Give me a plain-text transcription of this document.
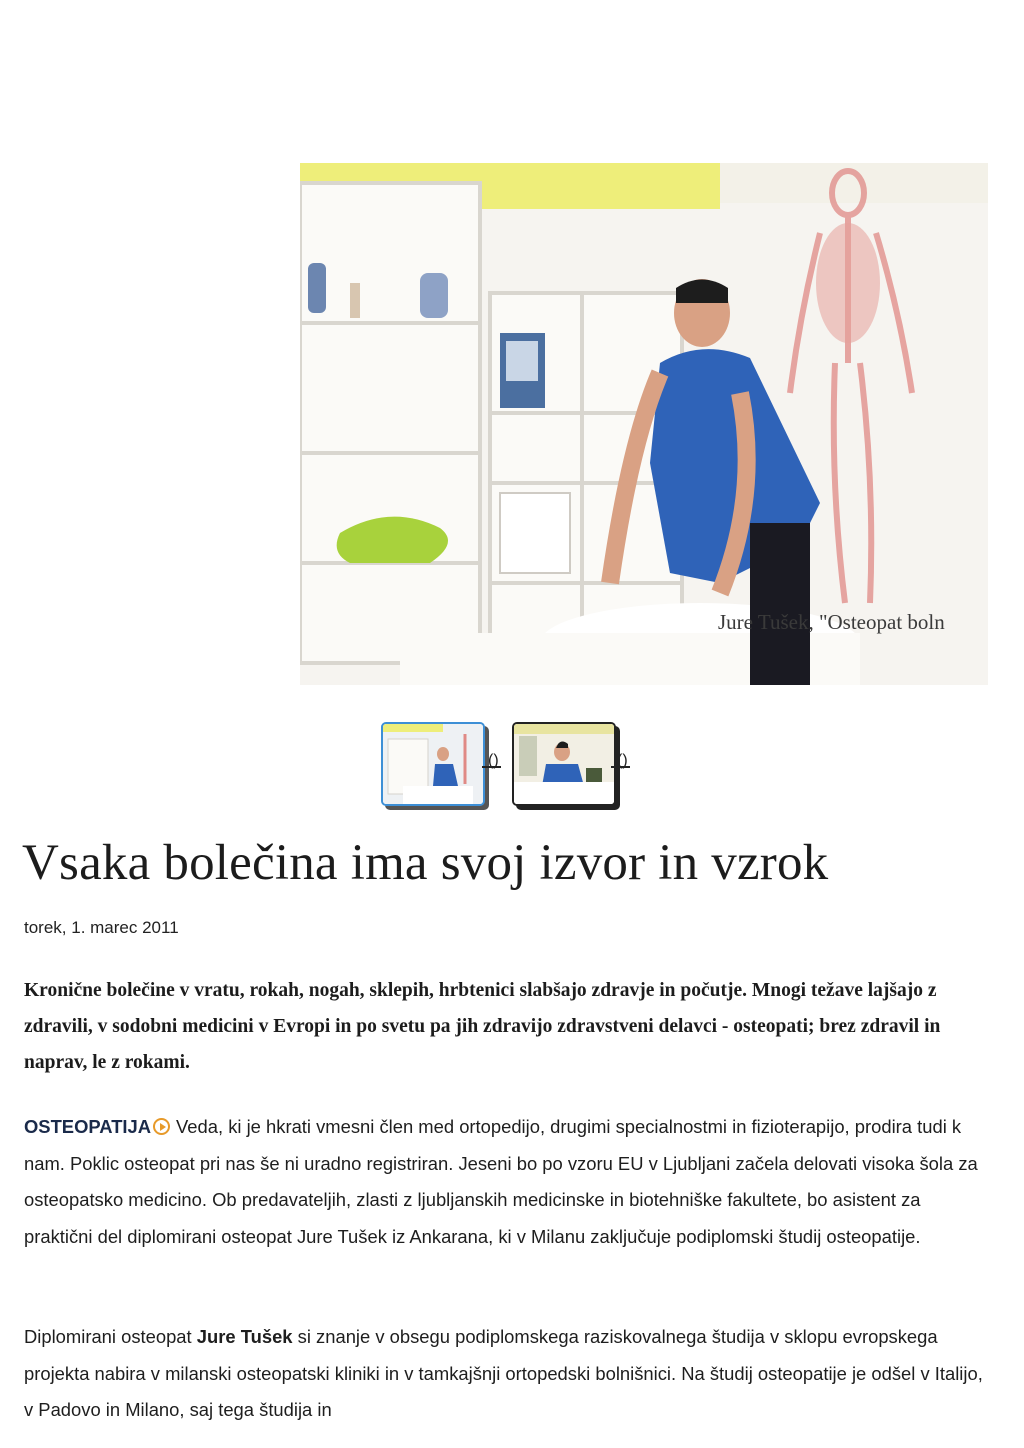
Jure Tušek, "Osteopat boln
()	()
Vsaka bolečina ima svoj izvor in vzrok
torek, 1. marec 2011

Kronične bolečine v vratu, rokah, nogah, sklepih, hrbtenici slabšajo zdravje in počutje. Mnogi težave lajšajo z zdravili, v sodobni medicini v Evropi in po svetu pa jih zdravijo zdravstveni delavci - osteopati; brez zdravil in naprav, le z rokami.

OSTEOPATIJA Veda, ki je hkrati vmesni člen med ortopedijo, drugimi specialnostmi in fizioterapijo, prodira tudi k nam. Poklic osteopat pri nas še ni uradno registriran. Jeseni bo po vzoru EU v Ljubljani začela delovati visoka šola za osteopatsko medicino. Ob predavateljih, zlasti z ljubljanskih medicinske in biotehniške fakultete, bo asistent za praktični del diplomirani osteopat Jure Tušek iz Ankarana, ki v Milanu zaključuje podiplomski študij osteopatije.

Diplomirani osteopat Jure Tušek si znanje v obsegu podiplomskega raziskovalnega študija v sklopu evropskega projekta nabira v milanski osteopatski kliniki in v tamkajšnji ortopedski bolnišnici. Na študij osteopatije je odšel v Italijo, v Padovo in Milano, saj tega študija in
